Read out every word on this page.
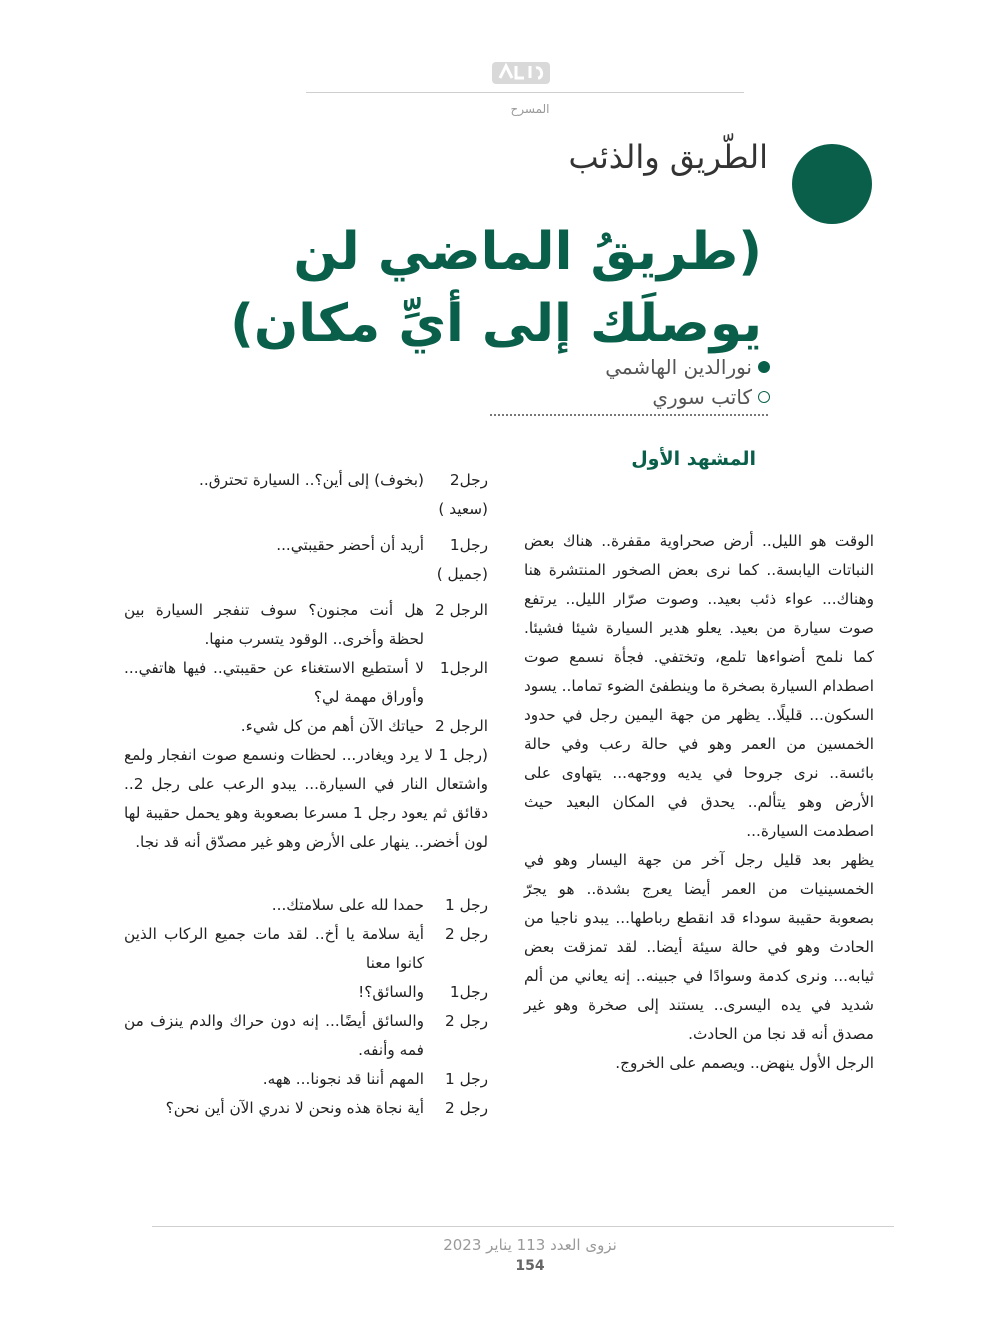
المسرح
الطّريق والذئب
(طريقُ الماضي لن يوصلَك إلى أيِّ مكان)
نورالدين الهاشمي
كاتب سوري
المشهد الأول

الوقت هو الليل.. أرض صحراوية مقفرة.. هناك بعض النباتات اليابسة.. كما نرى بعض الصخور المنتشرة هنا وهناك... عواء ذئب بعيد.. وصوت صرّار الليل.. يرتفع صوت سيارة من بعيد. يعلو هدير السيارة شيئا فشيئا. كما نلمح أضواءها تلمع، وتختفي. فجأة نسمع صوت اصطدام السيارة بصخرة ما وينطفئ الضوء تماما.. يسود السكون... قليلًا.. يظهر من جهة اليمين رجل في حدود الخمسين من العمر وهو في حالة رعب وفي حالة بائسة.. نرى جروحا في يديه ووجهه... يتهاوى على الأرض وهو يتألم.. يحدق في المكان البعيد حيث اصطدمت السيارة...

يظهر بعد قليل رجل آخر من جهة اليسار وهو في الخمسينيات من العمر أيضا يعرج بشدة.. هو يجرّ بصعوبة حقيبة سوداء قد انقطع رباطها... يبدو ناجيا من الحادث وهو في حالة سيئة أيضا.. لقد تمزقت بعض ثيابه... ونرى كدمة وسوادًا في جبينه.. إنه يعاني من ألم شديد في يده اليسرى.. يستند إلى صخرة وهو غير مصدق أنه قد نجا من الحادث.

الرجل الأول ينهض.. ويصمم على الخروج.

رجل2
(بخوف) إلى أين؟.. السيارة تحترق..
(سعيد )
رجل1
أريد أن أحضر حقيبتي...
(جميل )
الرجل 2
هل أنت مجنون؟ سوف تنفجر السيارة بين لحظة وأخرى.. الوقود يتسرب منها.
الرجل1
لا أستطيع الاستغناء عن حقيبتي.. فيها هاتفي... وأوراق مهمة لي؟
الرجل 2
حياتك الآن أهم من كل شيء.
(رجل 1 لا يرد ويغادر... لحظات ونسمع صوت انفجار ولمع واشتعال النار في السيارة... يبدو الرعب على رجل 2.. دقائق ثم يعود رجل 1 مسرعا بصعوبة وهو يحمل حقيبة لها لون أخضر.. ينهار على الأرض وهو غير مصدّق أنه قد نجا.
رجل 1
حمدا لله على سلامتك...
رجل 2
أية سلامة يا أخ.. لقد مات جميع الركاب الذين كانوا معنا
رجل1
والسائق؟!
رجل 2
والسائق أيضًا... إنه دون حراك والدم ينزف من فمه وأنفه.
رجل 1
المهم أننا قد نجونا... ههه.
رجل 2
أية نجاة هذه ونحن لا ندري الآن أين نحن؟
نزوى العدد 113 يناير 2023
154
